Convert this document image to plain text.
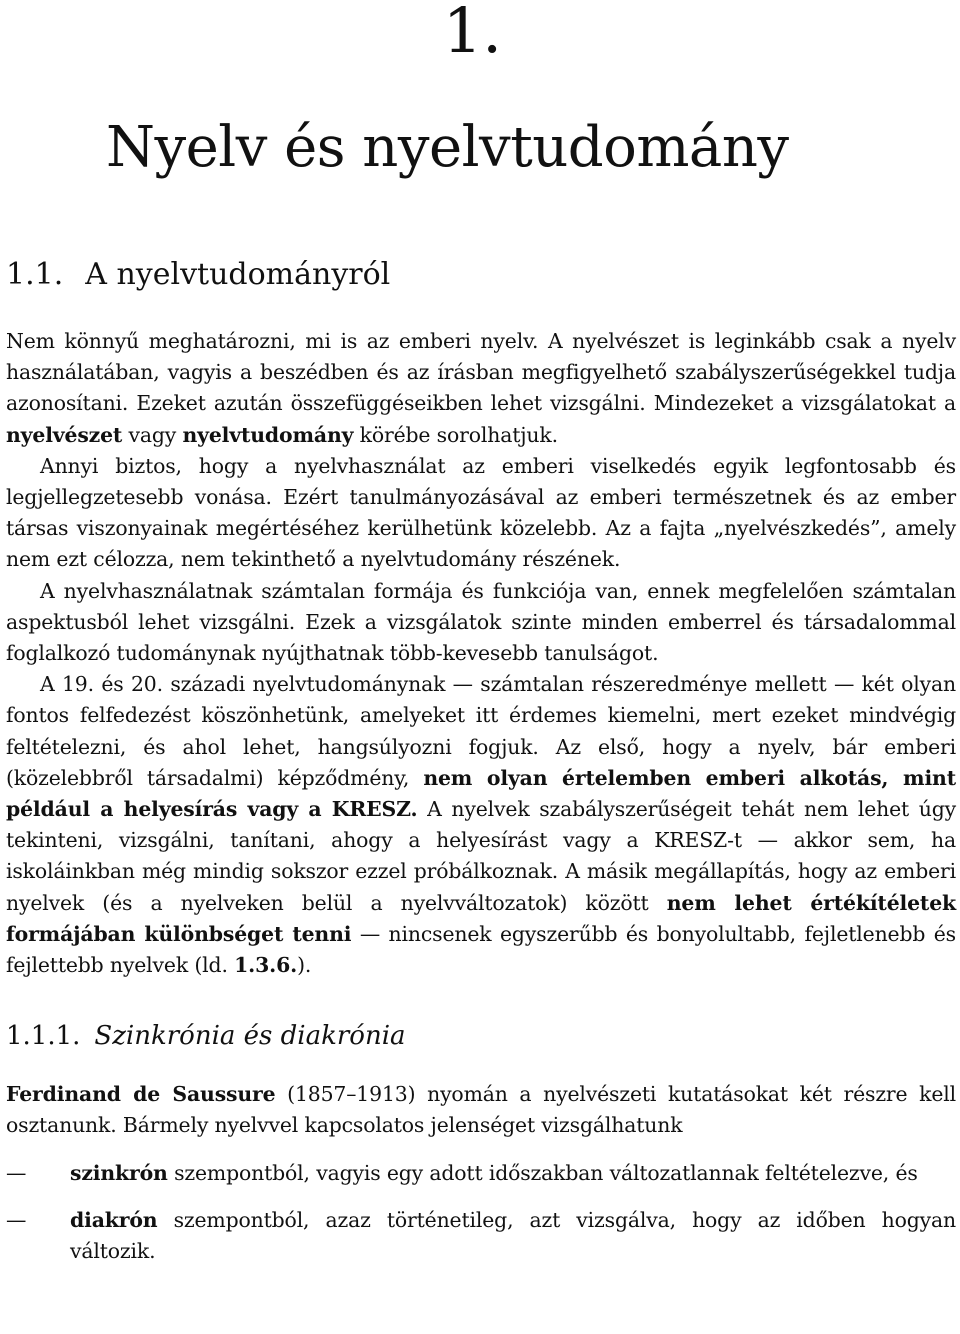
1.
Nyelv és nyelvtudomány
1.1. A nyelvtudományról

Nem könnyű meghatározni, mi is az emberi nyelv. A nyelvészet is leginkább csak a nyelv használatában, vagyis a beszédben és az írásban megfigyelhető szabályszerűségekkel tudja azonosítani. Ezeket azután összefüggéseikben lehet vizsgálni. Mindezeket a vizsgálatokat a nyelvészet vagy nyelvtudomány körébe sorolhatjuk.

Annyi biztos, hogy a nyelvhasználat az emberi viselkedés egyik legfontosabb és legjellegzetesebb vonása. Ezért tanulmányozásával az emberi természetnek és az ember társas viszonyainak megértéséhez kerülhetünk közelebb. Az a fajta „nyelvészkedés”, amely nem ezt célozza, nem tekinthető a nyelvtudomány részének.

A nyelvhasználatnak számtalan formája és funkciója van, ennek megfelelően számtalan aspektusból lehet vizsgálni. Ezek a vizsgálatok szinte minden emberrel és társadalommal foglalkozó tudománynak nyújthatnak több-kevesebb tanulságot.

A 19. és 20. századi nyelvtudománynak — számtalan részeredménye mellett — két olyan fontos felfedezést köszönhetünk, amelyeket itt érdemes kiemelni, mert ezeket mindvégig feltételezni, és ahol lehet, hangsúlyozni fogjuk. Az első, hogy a nyelv, bár emberi (közelebbről társadalmi) képződmény, nem olyan értelemben emberi alkotás, mint például a helyesírás vagy a KRESZ. A nyelvek szabályszerűségeit tehát nem lehet úgy tekinteni, vizsgálni, tanítani, ahogy a helyesírást vagy a KRESZ-t — akkor sem, ha iskoláinkban még mindig sokszor ezzel próbálkoznak. A másik megállapítás, hogy az emberi nyelvek (és a nyelveken belül a nyelvváltozatok) között nem lehet értékítéletek formájában különbséget tenni — nincsenek egyszerűbb és bonyolultabb, fejletlenebb és fejlettebb nyelvek (ld. 1.3.6.).

1.1.1. Szinkrónia és diakrónia

Ferdinand de Saussure (1857–1913) nyomán a nyelvészeti kutatásokat két részre kell osztanunk. Bármely nyelvvel kapcsolatos jelenséget vizsgálhatunk

— szinkrón szempontból, vagyis egy adott időszakban változatlannak feltételezve, és
— diakrón szempontból, azaz történetileg, azt vizsgálva, hogy az időben hogyan változik.
